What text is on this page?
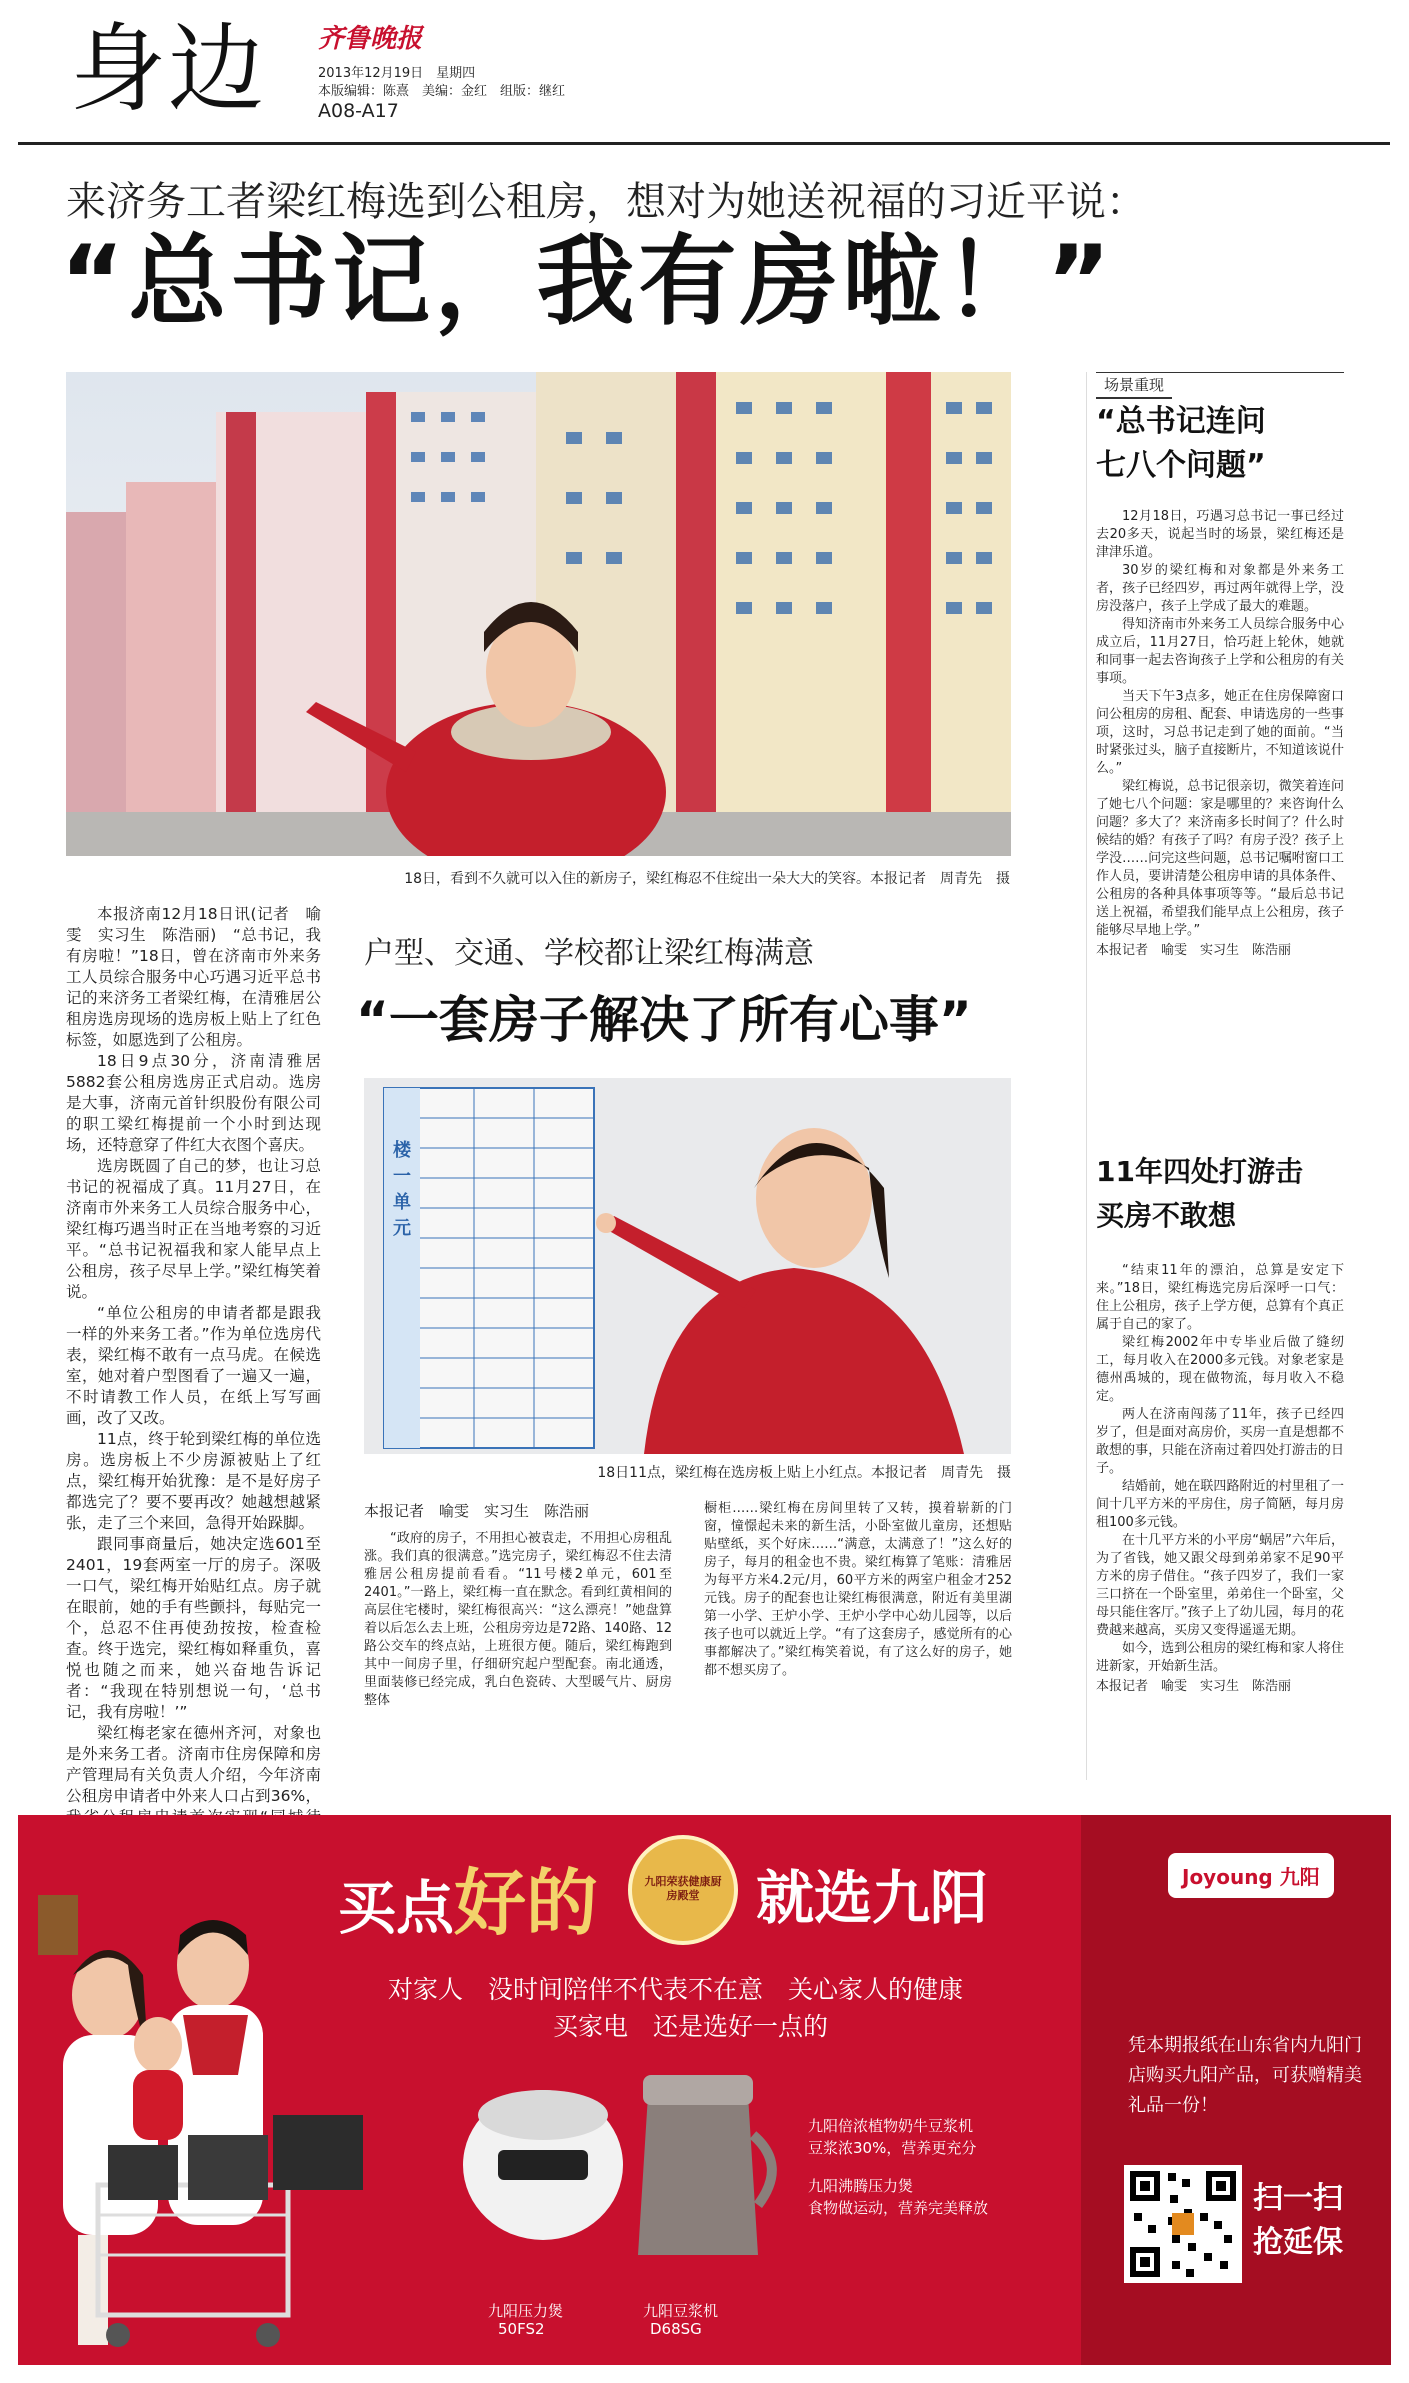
身边 齐鲁晚报
2013年12月19日　星期四
本版编辑：陈熹　美编：金红　组版：继红
A08-A17
来济务工者梁红梅选到公租房，想对为她送祝福的习近平说：
“总书记，我有房啦！”
18日，看到不久就可以入住的新房子，梁红梅忍不住绽出一朵大大的笑容。本报记者　周青先　摄

本报济南12月18日讯(记者　喻雯　实习生　陈浩丽)　“总书记，我有房啦！”18日，曾在济南市外来务工人员综合服务中心巧遇习近平总书记的来济务工者梁红梅，在清雅居公租房选房现场的选房板上贴上了红色标签，如愿选到了公租房。

18日9点30分，济南清雅居5882套公租房选房正式启动。选房是大事，济南元首针织股份有限公司的职工梁红梅提前一个小时到达现场，还特意穿了件红大衣图个喜庆。

选房既圆了自己的梦，也让习总书记的祝福成了真。11月27日，在济南市外来务工人员综合服务中心，梁红梅巧遇当时正在当地考察的习近平。“总书记祝福我和家人能早点上公租房，孩子尽早上学。”梁红梅笑着说。

“单位公租房的申请者都是跟我一样的外来务工者。”作为单位选房代表，梁红梅不敢有一点马虎。在候选室，她对着户型图看了一遍又一遍，不时请教工作人员，在纸上写写画画，改了又改。

11点，终于轮到梁红梅的单位选房。选房板上不少房源被贴上了红点，梁红梅开始犹豫：是不是好房子都选完了？要不要再改？她越想越紧张，走了三个来回，急得开始跺脚。

跟同事商量后，她决定选601至2401，19套两室一厅的房子。深吸一口气，梁红梅开始贴红点。房子就在眼前，她的手有些颤抖，每贴完一个，总忍不住再使劲按按，检查检查。终于选完，梁红梅如释重负，喜悦也随之而来，她兴奋地告诉记者：“我现在特别想说一句，‘总书记，我有房啦！’”

梁红梅老家在德州齐河，对象也是外来务工者。济南市住房保障和房产管理局有关负责人介绍，今年济南公租房申请者中外来人口占到36%，

户型、交通、学校都让梁红梅满意
“一套房子解决了所有心事”
楼一单元
18日11点，梁红梅在选房板上贴上小红点。本报记者　周青先　摄
本报记者　喻雯　实习生　陈浩丽
“政府的房子，不用担心被袁走，不用担心房租乱涨。我们真的很满意。”选完房子，梁红梅忍不住去清雅居公租房提前看看。“11号楼2单元，601至2401。”一路上，梁红梅一直在默念。看到红黄相间的高层住宅楼时，梁红梅很高兴：“这么漂亮！”她盘算着以后怎么去上班，公租房旁边是72路、140路、12路公交车的终点站，上班很方便。随后，梁红梅跑到其中一间房子里，仔细研究起户型配套。南北通透，里面装修已经完成，乳白色瓷砖、大型暖气片、厨房整体
橱柜……梁红梅在房间里转了又转，摸着崭新的门窗，憧憬起未来的新生活，小卧室做儿童房，还想贴贴壁纸，买个好床……“满意，太满意了！”这么好的房子，每月的租金也不贵。梁红梅算了笔账：清雅居为每平方米4.2元/月，60平方米的两室户租金才252元钱。房子的配套也让梁红梅很满意，附近有美里湖第一小学、王炉小学、王炉小学中心幼儿园等，以后孩子也可以就近上学。“有了这套房子，感觉所有的心事都解决了。”梁红梅笑着说，有了这么好的房子，她都不想买房了。
场景重现
“总书记连问
七八个问题”

12月18日，巧遇习总书记一事已经过去20多天，说起当时的场景，梁红梅还是津津乐道。

30岁的梁红梅和对象都是外来务工者，孩子已经四岁，再过两年就得上学，没房没落户，孩子上学成了最大的难题。

得知济南市外来务工人员综合服务中心成立后，11月27日，恰巧赶上轮休，她就和同事一起去咨询孩子上学和公租房的有关事项。

当天下午3点多，她正在住房保障窗口问公租房的房租、配套、申请选房的一些事项，这时，习总书记走到了她的面前。“当时紧张过头，脑子直接断片，不知道该说什么。”

梁红梅说，总书记很亲切，微笑着连问了她七八个问题：家是哪里的？来咨询什么问题？多大了？来济南多长时间了？什么时候结的婚？有孩子了吗？有房子没？孩子上学没……问完这些问题，总书记嘱咐窗口工作人员，要讲清楚公租房申请的具体条件、公租房的各种具体事项等等。“最后总书记送上祝福，希望我们能早点上公租房，孩子能够尽早地上学。”

本报记者　喻雯　实习生　陈浩丽
11年四处打游击
买房不敢想

“结束11年的漂泊，总算是安定下来。”18日，梁红梅选完房后深呼一口气：住上公租房，孩子上学方便，总算有个真正属于自己的家了。

梁红梅2002年中专毕业后做了缝纫工，每月收入在2000多元钱。对象老家是德州禹城的，现在做物流，每月收入不稳定。

两人在济南闯荡了11年，孩子已经四岁了，但是面对高房价，买房一直是想都不敢想的事，只能在济南过着四处打游击的日子。

结婚前，她在联四路附近的村里租了一间十几平方米的平房住，房子简陋，每月房租100多元钱。

在十几平方米的小平房“蜗居”六年后，为了省钱，她又跟父母到弟弟家不足90平方米的房子借住。“孩子四岁了，我们一家三口挤在一个卧室里，弟弟住一个卧室，父母只能住客厅。”孩子上了幼儿园，每月的花费越来越高，买房又变得遥遥无期。

如今，选到公租房的梁红梅和家人将住进新家，开始新生活。

本报记者　喻雯　实习生　陈浩丽
买点好的	九阳荣获健康厨房殿堂 就选九阳
对家人　没时间陪伴不代表不在意　关心家人的健康
买家电　还是选好一点的
九阳压力煲
50FS2
九阳豆浆机
D68SG
九阳倍浓植物奶牛豆浆机
豆浆浓30%，营养更充分
九阳沸腾压力煲
食物做运动，营养完美释放
Joyoung 九阳
凭本期报纸在山东省内九阳门店购买九阳产品，可获赠精美礼品一份！
扫一扫
抢延保
